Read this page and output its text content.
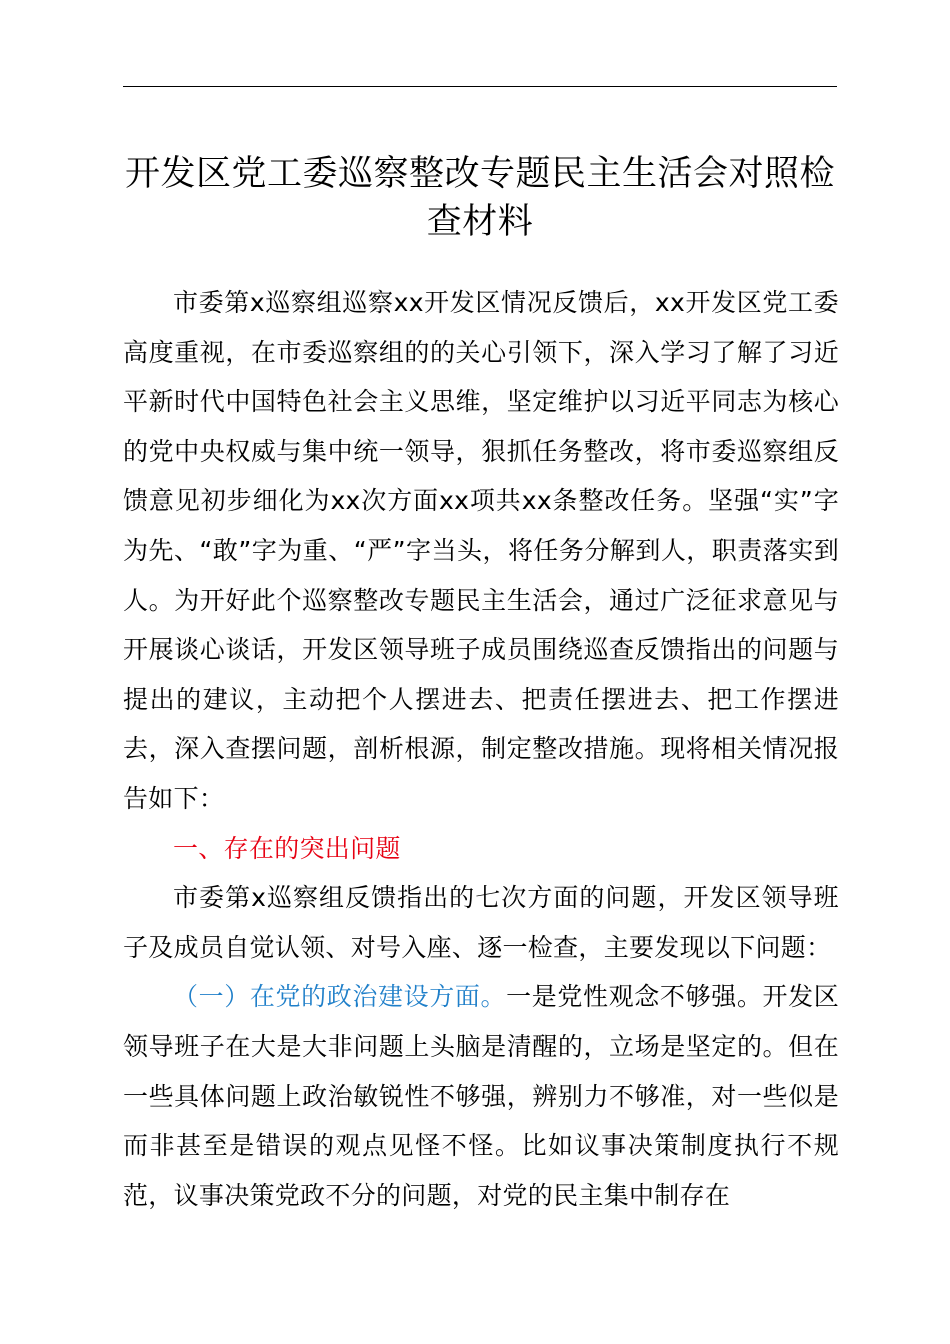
开发区党工委巡察整改专题民主生活会对照检查材料

市委第x巡察组巡察xx开发区情况反馈后，xx开发区党工委高度重视，在市委巡察组的的关心引领下，深入学习了解了习近平新时代中国特色社会主义思维，坚定维护以习近平同志为核心的党中央权威与集中统一领导，狠抓任务整改，将市委巡察组反馈意见初步细化为xx次方面xx项共xx条整改任务。坚强“实”字为先、“敢”字为重、“严”字当头，将任务分解到人，职责落实到人。为开好此个巡察整改专题民主生活会，通过广泛征求意见与开展谈心谈话，开发区领导班子成员围绕巡查反馈指出的问题与提出的建议，主动把个人摆进去、把责任摆进去、把工作摆进去，深入查摆问题，剖析根源，制定整改措施。现将相关情况报告如下：

一、存在的突出问题

市委第x巡察组反馈指出的七次方面的问题，开发区领导班子及成员自觉认领、对号入座、逐一检查，主要发现以下问题：

（一）在党的政治建设方面。一是党性观念不够强。开发区领导班子在大是大非问题上头脑是清醒的，立场是坚定的。但在一些具体问题上政治敏锐性不够强，辨别力不够准，对一些似是而非甚至是错误的观点见怪不怪。比如议事决策制度执行不规范，议事决策党政不分的问题，对党的民主集中制存在
